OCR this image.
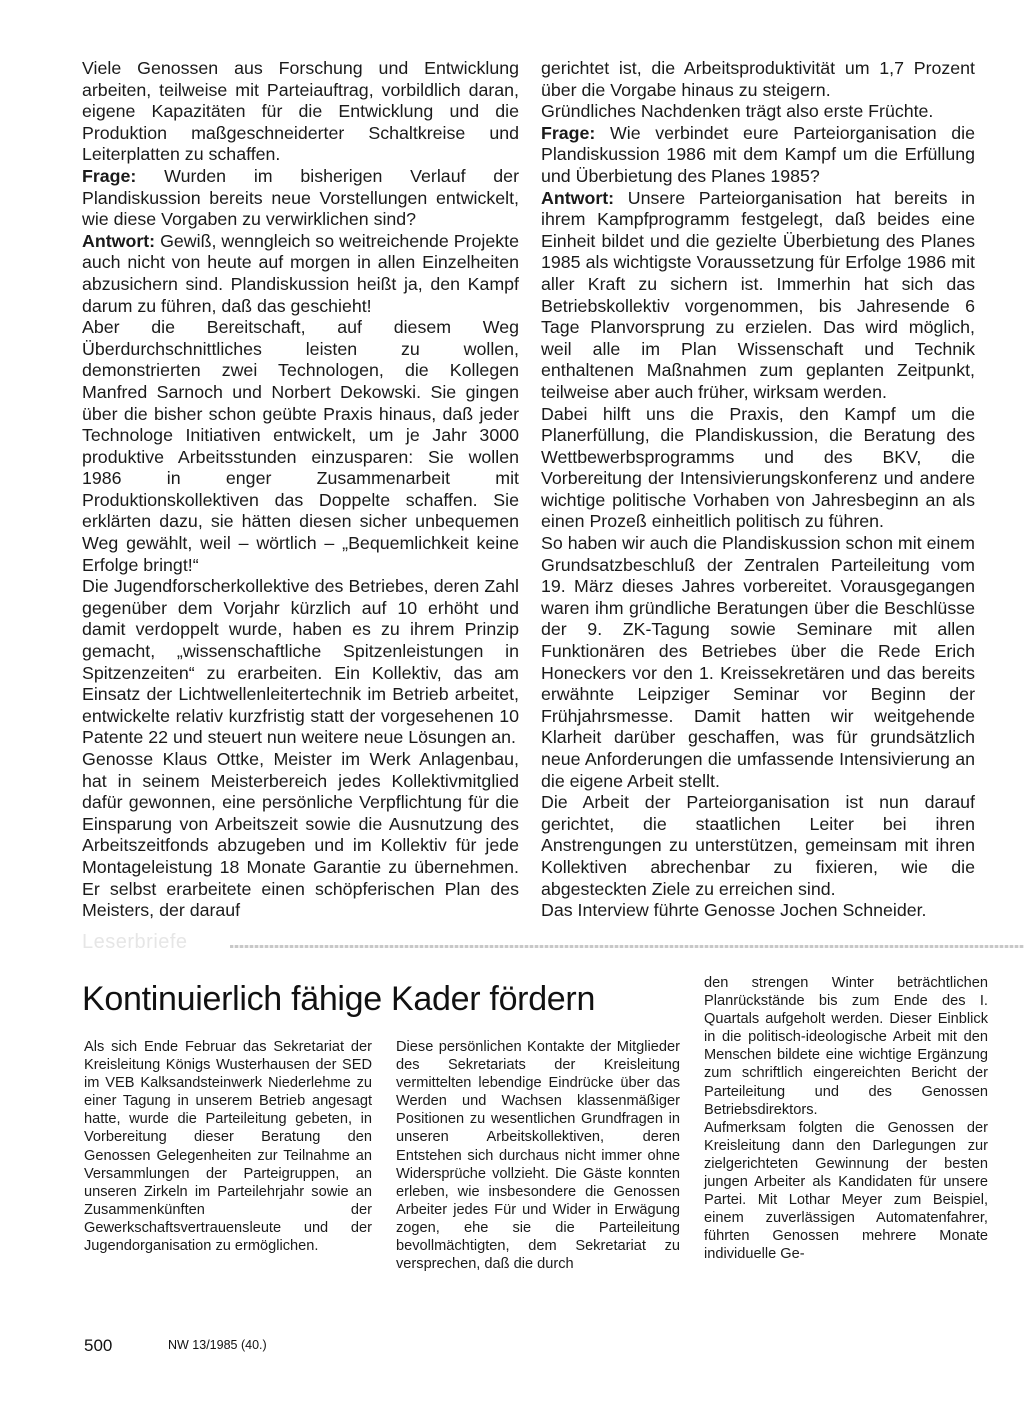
Viele Genossen aus Forschung und Entwicklung arbeiten, teilweise mit Parteiauftrag, vorbildlich daran, eigene Kapazitäten für die Entwicklung und die Produktion maßgeschneiderter Schaltkreise und Leiterplatten zu schaffen.

Frage: Wurden im bisherigen Verlauf der Plandiskussion bereits neue Vorstellungen entwickelt, wie diese Vorgaben zu verwirklichen sind?

Antwort: Gewiß, wenngleich so weitreichende Projekte auch nicht von heute auf morgen in allen Einzelheiten abzusichern sind. Plandiskussion heißt ja, den Kampf darum zu führen, daß das geschieht!

Aber die Bereitschaft, auf diesem Weg Überdurchschnittliches leisten zu wollen, demonstrierten zwei Technologen, die Kollegen Manfred Sarnoch und Norbert Dekowski. Sie gingen über die bisher schon geübte Praxis hinaus, daß jeder Technologe Initiativen entwickelt, um je Jahr 3000 produktive Arbeitsstunden einzusparen: Sie wollen 1986 in enger Zusammenarbeit mit Produktionskollektiven das Doppelte schaffen. Sie erklärten dazu, sie hätten diesen sicher unbequemen Weg gewählt, weil – wörtlich – „Bequemlichkeit keine Erfolge bringt!“

Die Jugendforscherkollektive des Betriebes, deren Zahl gegenüber dem Vorjahr kürzlich auf 10 erhöht und damit verdoppelt wurde, haben es zu ihrem Prinzip gemacht, „wissenschaftliche Spitzenleistungen in Spitzenzeiten“ zu erarbeiten. Ein Kollektiv, das am Einsatz der Lichtwellenleitertechnik im Betrieb arbeitet, entwickelte relativ kurzfristig statt der vorgesehenen 10 Patente 22 und steuert nun weitere neue Lösungen an.

Genosse Klaus Ottke, Meister im Werk Anlagenbau, hat in seinem Meisterbereich jedes Kollektivmitglied dafür gewonnen, eine persönliche Verpflichtung für die Einsparung von Arbeitszeit sowie die Ausnutzung des Arbeitszeitfonds abzugeben und im Kollektiv für jede Montageleistung 18 Monate Garantie zu übernehmen. Er selbst erarbeitete einen schöpferischen Plan des Meisters, der darauf

gerichtet ist, die Arbeitsproduktivität um 1,7 Prozent über die Vorgabe hinaus zu steigern.

Gründliches Nachdenken trägt also erste Früchte.

Frage: Wie verbindet eure Parteiorganisation die Plandiskussion 1986 mit dem Kampf um die Erfüllung und Überbietung des Planes 1985?

Antwort: Unsere Parteiorganisation hat bereits in ihrem Kampfprogramm festgelegt, daß beides eine Einheit bildet und die gezielte Überbietung des Planes 1985 als wichtigste Voraussetzung für Erfolge 1986 mit aller Kraft zu sichern ist. Immerhin hat sich das Betriebskollektiv vorgenommen, bis Jahresende 6 Tage Planvorsprung zu erzielen. Das wird möglich, weil alle im Plan Wissenschaft und Technik enthaltenen Maßnahmen zum geplanten Zeitpunkt, teilweise aber auch früher, wirksam werden.

Dabei hilft uns die Praxis, den Kampf um die Planerfüllung, die Plandiskussion, die Beratung des Wettbewerbsprogramms und des BKV, die Vorbereitung der Intensivierungskonferenz und andere wichtige politische Vorhaben von Jahresbeginn an als einen Prozeß einheitlich politisch zu führen.

So haben wir auch die Plandiskussion schon mit einem Grundsatzbeschluß der Zentralen Parteileitung vom 19. März dieses Jahres vorbereitet. Vorausgegangen waren ihm gründliche Beratungen über die Beschlüsse der 9. ZK-Tagung sowie Seminare mit allen Funktionären des Betriebes über die Rede Erich Honeckers vor den 1. Kreissekretären und das bereits erwähnte Leipziger Seminar vor Beginn der Frühjahrsmesse. Damit hatten wir weitgehende Klarheit darüber geschaffen, was für grundsätzlich neue Anforderungen die umfassende Intensivierung an die eigene Arbeit stellt.

Die Arbeit der Parteiorganisation ist nun darauf gerichtet, die staatlichen Leiter bei ihren Anstrengungen zu unterstützen, gemeinsam mit ihren Kollektiven abrechenbar zu fixieren, wie die abgesteckten Ziele zu erreichen sind.

Das Interview führte Genosse Jochen Schneider.

Leserbriefe
Kontinuierlich fähige Kader fördern

Als sich Ende Februar das Sekretariat der Kreisleitung Königs Wusterhausen der SED im VEB Kalksandsteinwerk Niederlehme zu einer Tagung in unserem Betrieb angesagt hatte, wurde die Parteileitung gebeten, in Vorbereitung dieser Beratung den Genossen Gelegenheiten zur Teilnahme an Versammlungen der Parteigruppen, an unseren Zirkeln im Parteilehrjahr sowie an Zusammenkünften der Gewerkschaftsvertrauensleute und der Jugendorganisation zu ermöglichen.

Diese persönlichen Kontakte der Mitglieder des Sekretariats der Kreisleitung vermittelten lebendige Eindrücke über das Werden und Wachsen klassenmäßiger Positionen zu wesentlichen Grundfragen in unseren Arbeitskollektiven, deren Entstehen sich durchaus nicht immer ohne Widersprüche vollzieht. Die Gäste konnten erleben, wie insbesondere die Genossen Arbeiter jedes Für und Wider in Erwägung zogen, ehe sie die Parteileitung bevollmächtigten, dem Sekretariat zu versprechen, daß die durch

den strengen Winter beträchtlichen Planrückstände bis zum Ende des I. Quartals aufgeholt werden. Dieser Einblick in die politisch-ideologische Arbeit mit den Menschen bildete eine wichtige Ergänzung zum schriftlich eingereichten Bericht der Parteileitung und des Genossen Betriebsdirektors.

Aufmerksam folgten die Genossen der Kreisleitung dann den Darlegungen zur zielgerichteten Gewinnung der besten jungen Arbeiter als Kandidaten für unsere Partei. Mit Lothar Meyer zum Beispiel, einem zuverlässigen Automatenfahrer, führten Genossen mehrere Monate individuelle Ge-

500	NW 13/1985 (40.)
